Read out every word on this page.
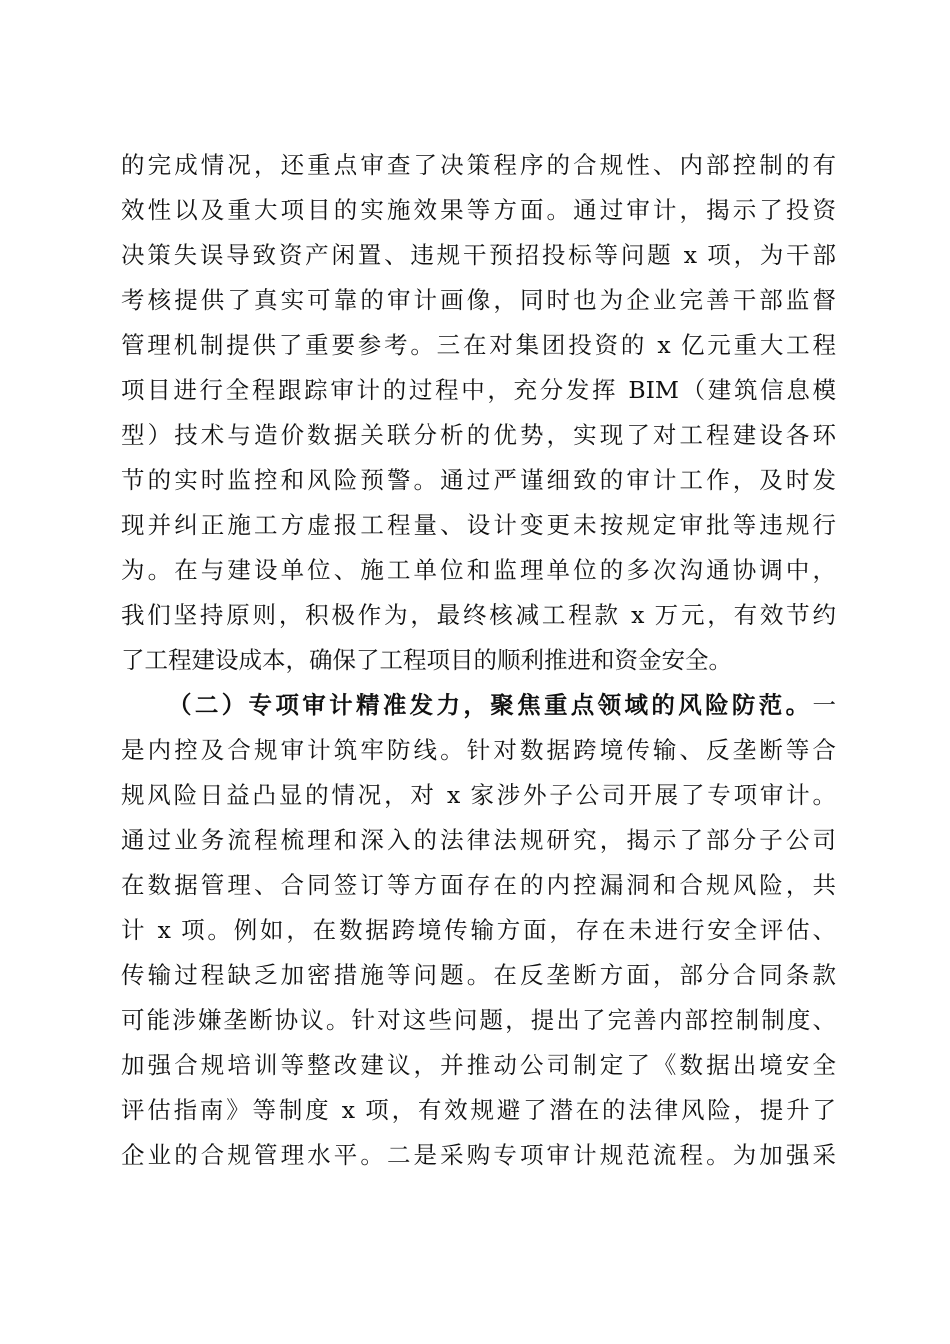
的完成情况，还重点审查了决策程序的合规性、内部控制的有
效性以及重大项目的实施效果等方面。通过审计，揭示了投资
决策失误导致资产闲置、违规干预招投标等问题 x 项，为干部
考核提供了真实可靠的审计画像，同时也为企业完善干部监督
管理机制提供了重要参考。三在对集团投资的 x 亿元重大工程
项目进行全程跟踪审计的过程中，充分发挥 BIM（建筑信息模
型）技术与造价数据关联分析的优势，实现了对工程建设各环
节的实时监控和风险预警。通过严谨细致的审计工作，及时发
现并纠正施工方虚报工程量、设计变更未按规定审批等违规行
为。在与建设单位、施工单位和监理单位的多次沟通协调中，
我们坚持原则，积极作为，最终核减工程款 x 万元，有效节约
了工程建设成本，确保了工程项目的顺利推进和资金安全。
（二）专项审计精准发力，聚焦重点领域的风险防范。一
是内控及合规审计筑牢防线。针对数据跨境传输、反垄断等合
规风险日益凸显的情况，对 x 家涉外子公司开展了专项审计。
通过业务流程梳理和深入的法律法规研究，揭示了部分子公司
在数据管理、合同签订等方面存在的内控漏洞和合规风险，共
计 x 项。例如，在数据跨境传输方面，存在未进行安全评估、
传输过程缺乏加密措施等问题。在反垄断方面，部分合同条款
可能涉嫌垄断协议。针对这些问题，提出了完善内部控制制度、
加强合规培训等整改建议，并推动公司制定了《数据出境安全
评估指南》等制度 x 项，有效规避了潜在的法律风险，提升了
企业的合规管理水平。二是采购专项审计规范流程。为加强采
